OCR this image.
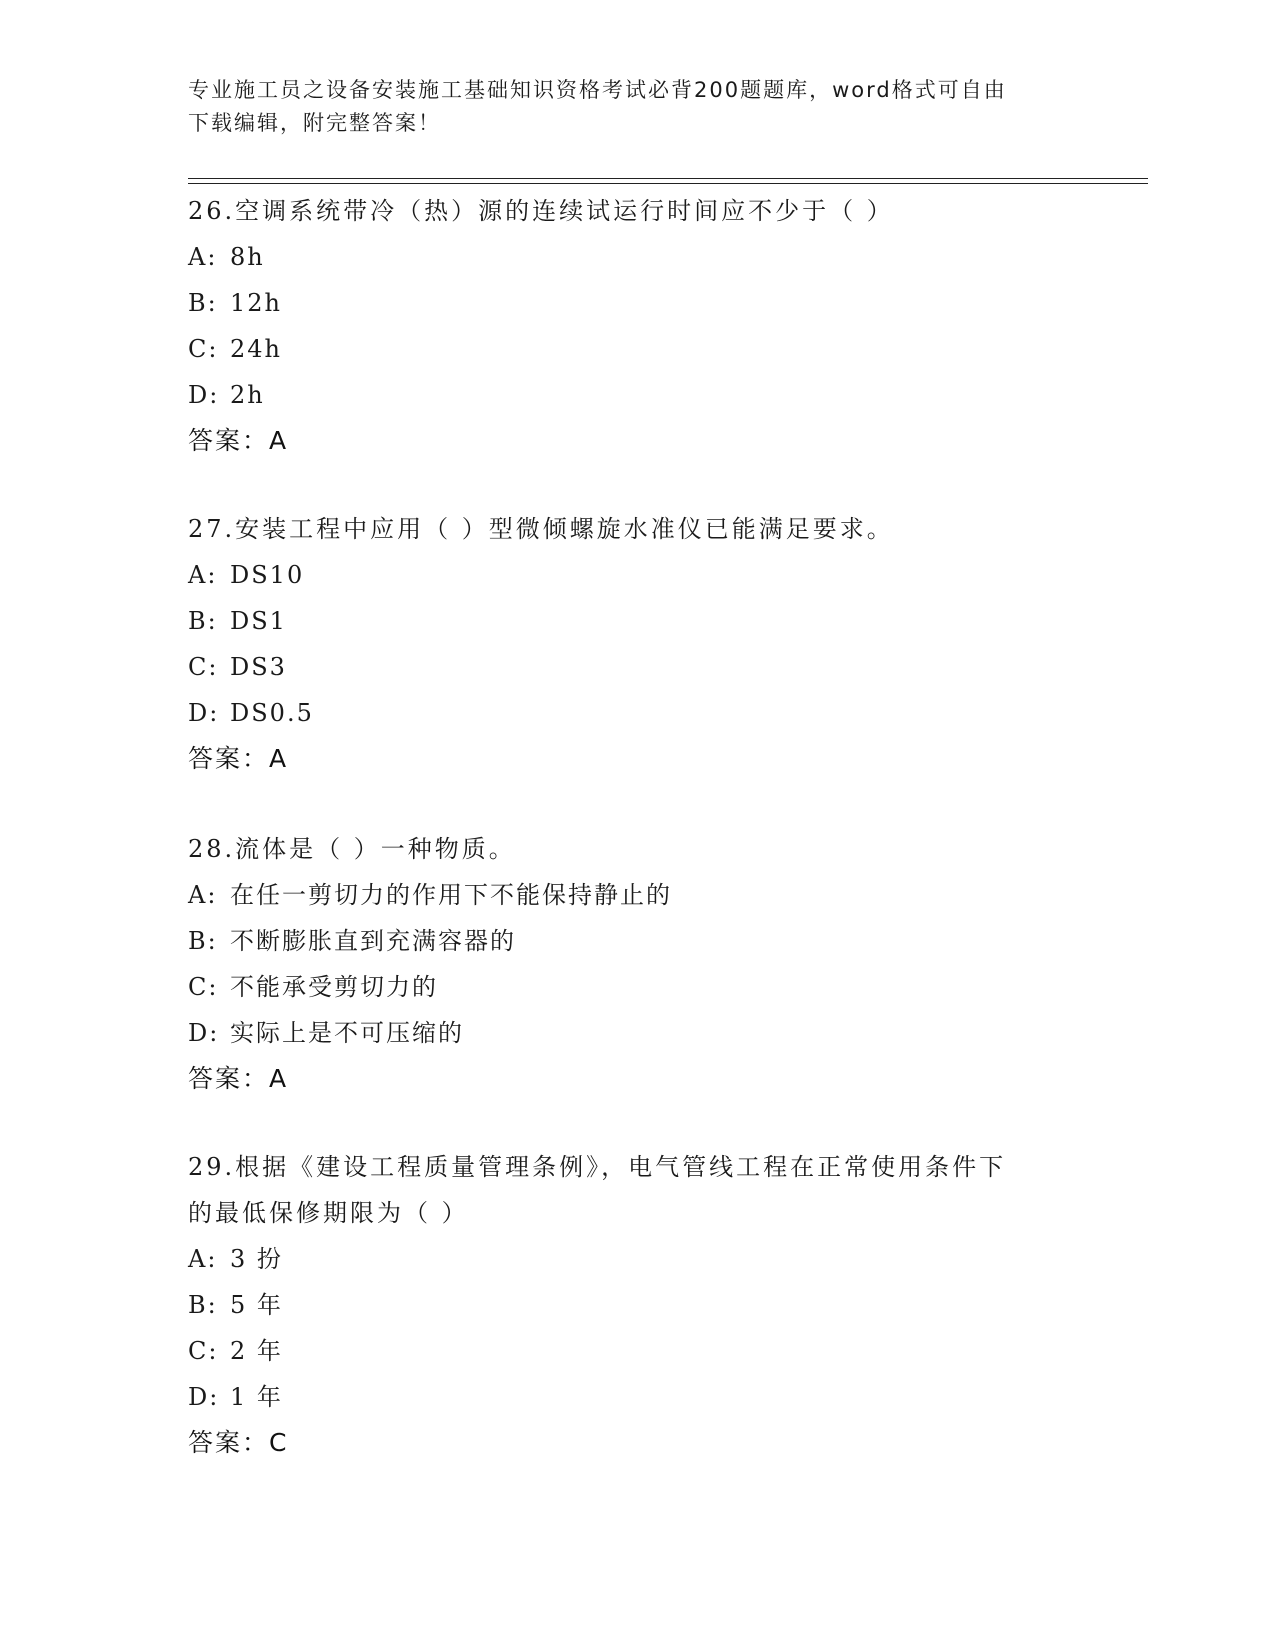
专业施工员之设备安装施工基础知识资格考试必背200题题库，word格式可自由
下载编辑，附完整答案！
26.空调系统带冷（热）源的连续试运行时间应不少于（ ）
A: 8h
B: 12h
C: 24h
D: 2h
答案：A
27.安装工程中应用（ ）型微倾螺旋水准仪已能满足要求。
A: DS10
B: DS1
C: DS3
D: DS0.5
答案：A
28.流体是（ ）一种物质。
A: 在任一剪切力的作用下不能保持静止的
B: 不断膨胀直到充满容器的
C: 不能承受剪切力的
D: 实际上是不可压缩的
答案：A
29.根据《建设工程质量管理条例》，电气管线工程在正常使用条件下
的最低保修期限为（ ）
A: 3 扮
B: 5 年
C: 2 年
D: 1 年
答案：C
